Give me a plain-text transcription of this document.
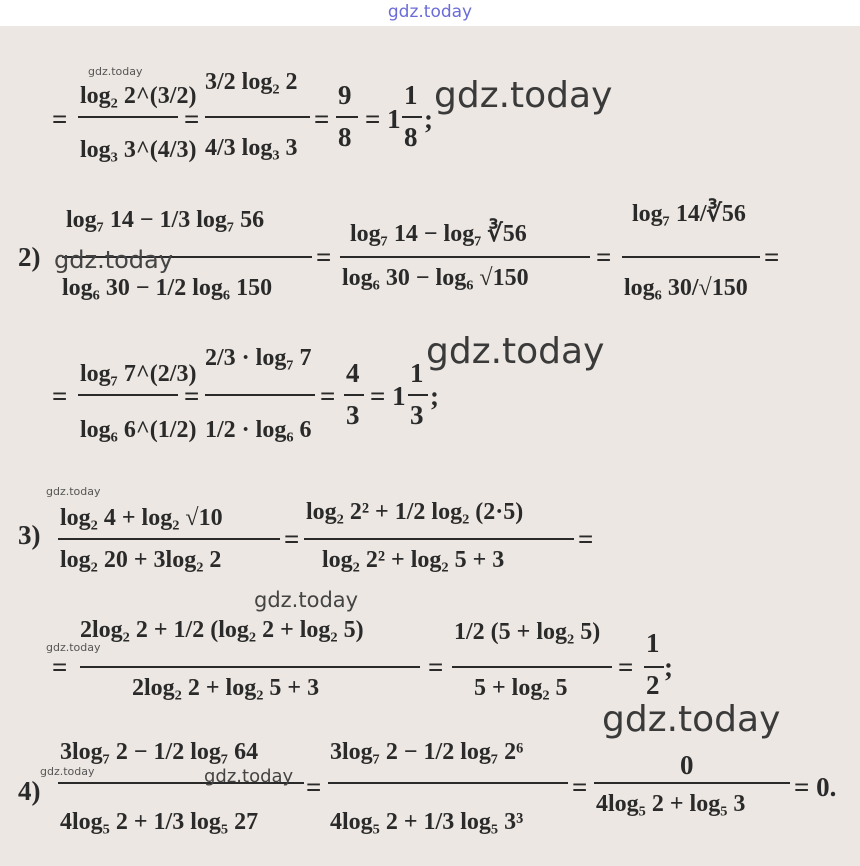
gdz.today
=
log₂ 2^(3/2)
log₃ 3^(4/3)
=
3/2 log₂ 2
4/3 log₃ 3
=
9
8
= 1
1
8
;
2)
log₇ 14 − 1/3 log₇ 56
log₆ 30 − 1/2 log₆ 150
=
log₇ 14 − log₇ ∛56
log₆ 30 − log₆ √150
=
log₇ 14/∛56
log₆ 30/√150
=
=
log₇ 7^(2/3)
log₆ 6^(1/2)
=
2/3 · log₇ 7
1/2 · log₆ 6
=
4
3
= 1
1
3
;
3)
log₂ 4 + log₂ √10
log₂ 20 + 3log₂ 2
=
log₂ 2² + 1/2 log₂ (2·5)
log₂ 2² + log₂ 5 + 3
=
=
2log₂ 2 + 1/2 (log₂ 2 + log₂ 5)
2log₂ 2 + log₂ 5 + 3
=
1/2 (5 + log₂ 5)
5 + log₂ 5
=
1
2
;
4)
3log₇ 2 − 1/2 log₇ 64
4log₅ 2 + 1/3 log₅ 27
=
3log₇ 2 − 1/2 log₇ 2⁶
4log₅ 2 + 1/3 log₅ 3³
=
0
4log₅ 2 + log₅ 3
= 0.
gdz.today
gdz.today
gdz.today
gdz.today
gdz.today
gdz.today
gdz.today
gdz.today
gdz.today
gdz.today
